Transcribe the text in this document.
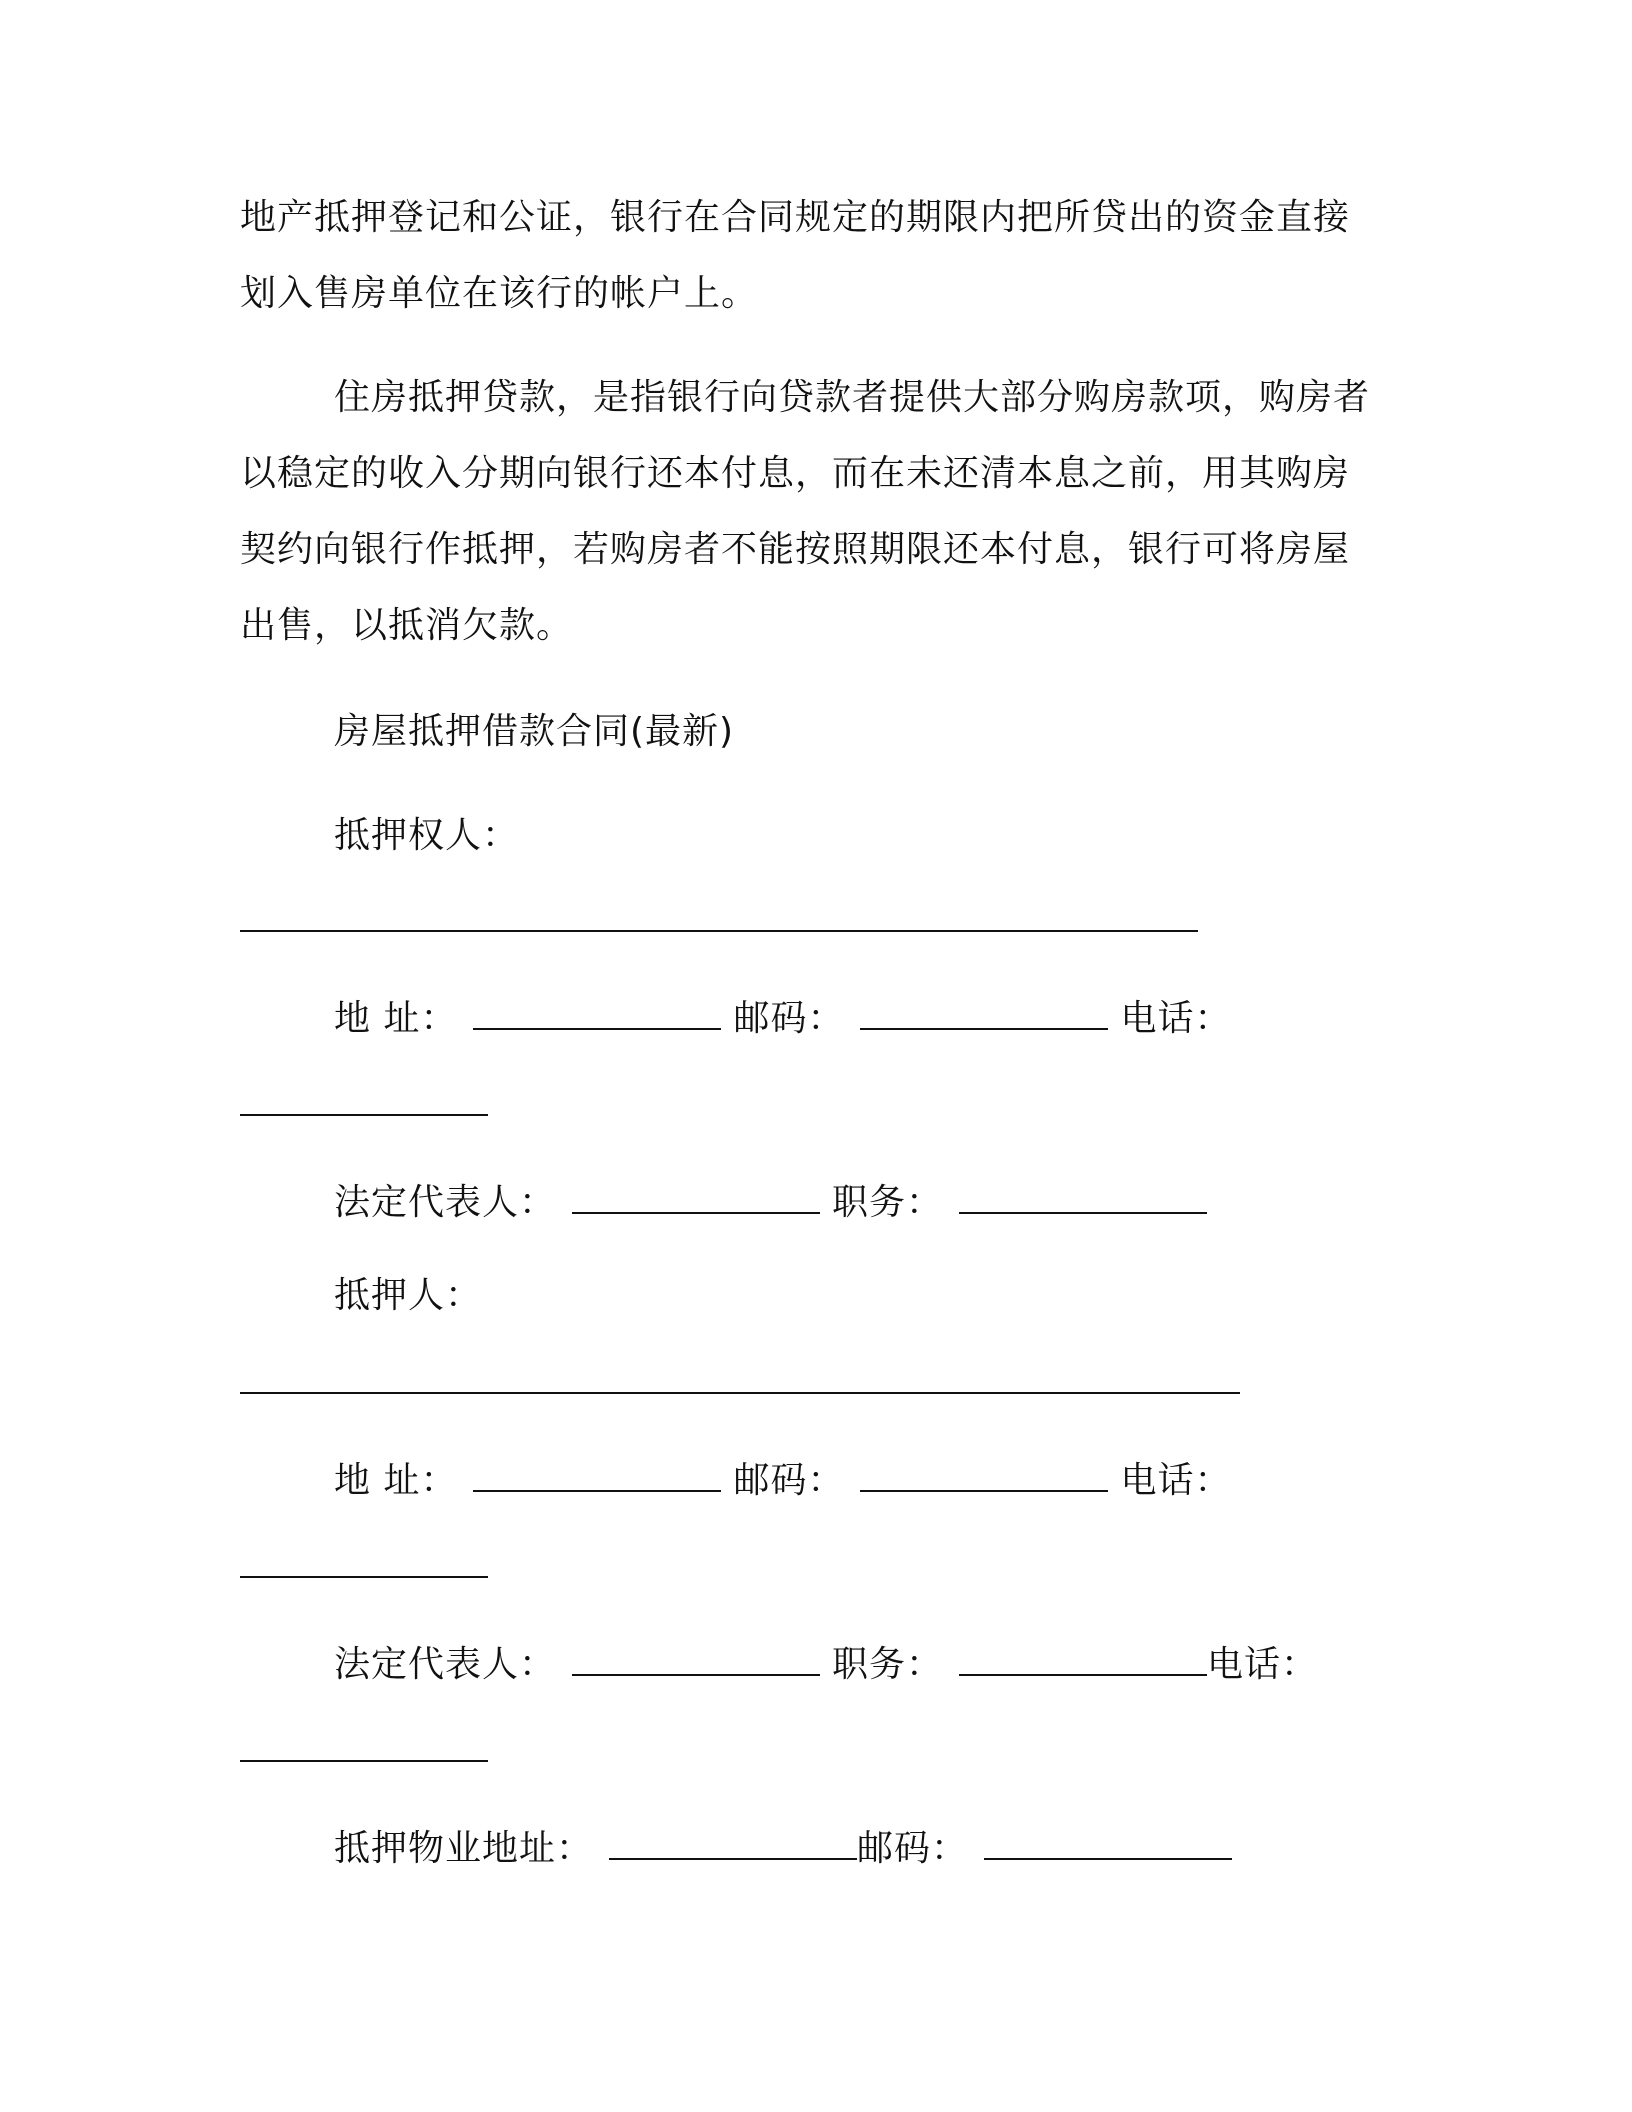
地产抵押登记和公证，银行在合同规定的期限内把所贷出的资金直接
划入售房单位在该行的帐户上。
住房抵押贷款，是指银行向贷款者提供大部分购房款项，购房者
以稳定的收入分期向银行还本付息，而在未还清本息之前，用其购房
契约向银行作抵押，若购房者不能按照期限还本付息，银行可将房屋
出售，以抵消欠款。
房屋抵押借款合同(最新)
抵押权人：
地 址：	邮码：	电话：
法定代表人：	职务：
抵押人：
地 址：	邮码：	电话：
法定代表人：	职务：	电话：
抵押物业地址：	邮码：
